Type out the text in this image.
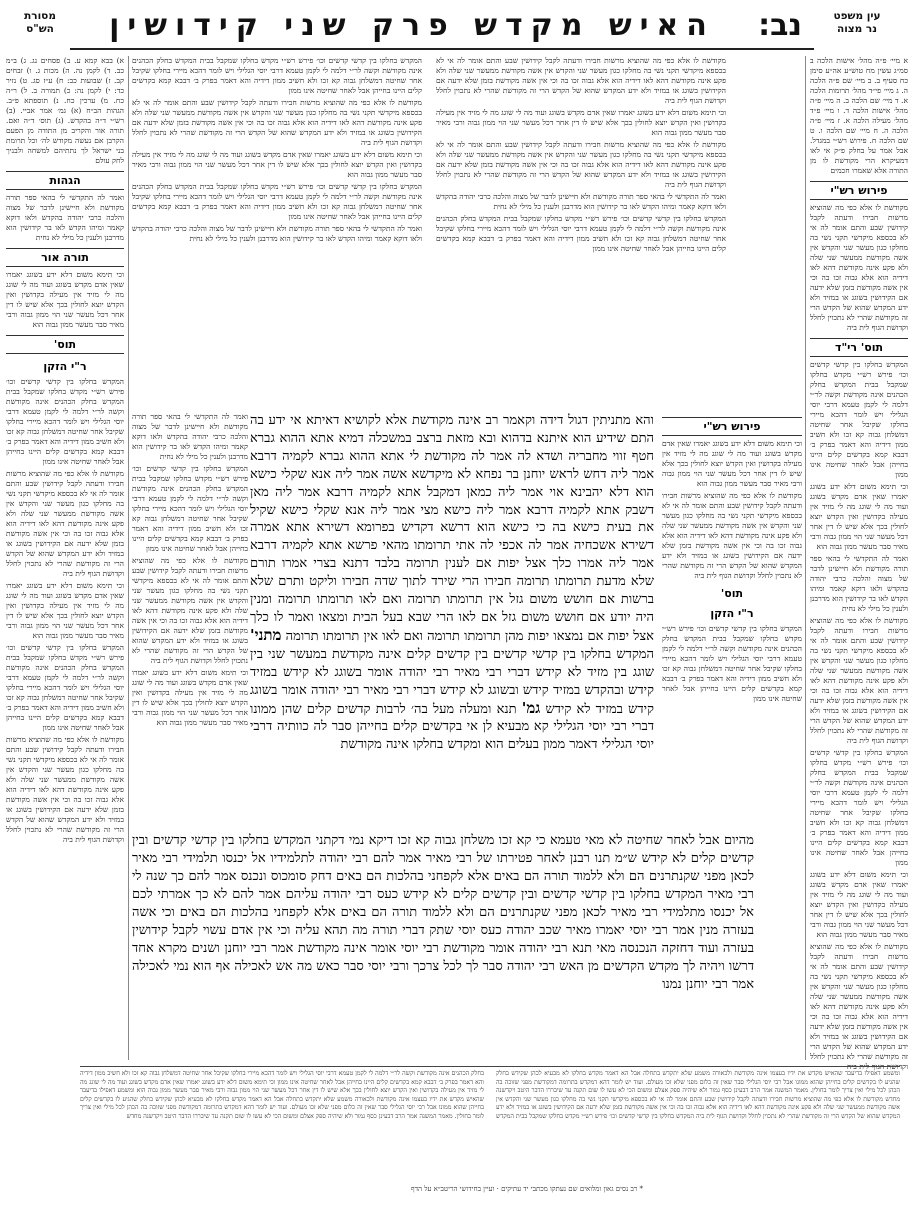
עין משפט
נר מצוה
מסורת
הש"ס	נב:
האיש מקדש פרק שני קידושין

מקודשת לו אלא כפי מה שהוציא מרשות חבירו ודעתה לקבל קידושין שבע והתם אומר לה אי לא בכספא מיקדשי תקני נשי בה מחלקו כגון מעשר שני והקדש אין אשה מקודשת ממעשר שני שלה ולא פקע אינה מקודשת דהא לאו דידיה הוא אלא גבוה זכו בה וכי אין אשה מקודשת בזמן שלא ידעה אם הקידושין בשוגג או במזיד ולא ידע המקדש שהוא של הקדש הרי זה מקודשת שהרי לא נתכוין לחלל וקדושת הגוף לית ביה

וכי תימא משום דלא ידע בשוגג יאמרו שאין אדם מקדש בשוגג ועוד מה לי שוגג מה לי מזיד אין מעילה בקדושין ואין הקדש יוצא לחולין בכך אלא שיש לו דין אחר דכל מעשר שני הוי ממון גבוה ורבי מאיר סבר מעשר ממון גבוה הוא

מקודשת לו אלא כפי מה שהוציא מרשות חבירו ודעתה לקבל קידושין שבע והתם אומר לה אי לא בכספא מיקדשי תקני נשי בה מחלקו כגון מעשר שני והקדש אין אשה מקודשת ממעשר שני שלה ולא פקע אינה מקודשת דהא לאו דידיה הוא אלא גבוה זכו בה וכי אין אשה מקודשת בזמן שלא ידעה אם הקידושין בשוגג או במזיד ולא ידע המקדש שהוא של הקדש הרי זה מקודשת שהרי לא נתכוין לחלל וקדושת הגוף לית ביה

ואמר לה התקדשי לי בהאי ספר תורה מקודשת ולא חיישינן לדבר של מצוה והלכה כרבי יהודה בהקדש ולאו דוקא קאמר ומיהו הקדש לאו בר קידושין הוא מדרבנן ולענין כל מילי לא נחית

המקדש בחלקו בין קדשי קדשים וכו׳ פירש רש״י מקדש בחלקו שמקבל בבית המקדש בחלק הכהנים אינה מקודשת וקשה לר״י דלמה לי לקמן טעמא דרבי יוסי הגלילי ויש לומר דהכא מיירי בחלקו שקיבל אחר שחיטה דמשלחן גבוה קא זכו ולא חשיב ממון דידיה והא דאמר בפרק ב׳ דבבא קמא בקדשים קלים היינו בחייהן אבל לאחר שחיטה אינו ממון

המקדש בחלקו בין קדשי קדשים וכו׳ פירש רש״י מקדש בחלקו שמקבל בבית המקדש בחלק הכהנים אינה מקודשת וקשה לר״י דלמה לי לקמן טעמא דרבי יוסי הגלילי ויש לומר דהכא מיירי בחלקו שקיבל אחר שחיטה דמשלחן גבוה קא זכו ולא חשיב ממון דידיה והא דאמר בפרק ב׳ דבבא קמא בקדשים קלים היינו בחייהן אבל לאחר שחיטה אינו ממון

מקודשת לו אלא כפי מה שהוציא מרשות חבירו ודעתה לקבל קידושין שבע והתם אומר לה אי לא בכספא מיקדשי תקני נשי בה מחלקו כגון מעשר שני והקדש אין אשה מקודשת ממעשר שני שלה ולא פקע אינה מקודשת דהא לאו דידיה הוא אלא גבוה זכו בה וכי אין אשה מקודשת בזמן שלא ידעה אם הקידושין בשוגג או במזיד ולא ידע המקדש שהוא של הקדש הרי זה מקודשת שהרי לא נתכוין לחלל וקדושת הגוף לית ביה

וכי תימא משום דלא ידע בשוגג יאמרו שאין אדם מקדש בשוגג ועוד מה לי שוגג מה לי מזיד אין מעילה בקדושין ואין הקדש יוצא לחולין בכך אלא שיש לו דין אחר דכל מעשר שני הוי ממון גבוה ורבי מאיר סבר מעשר ממון גבוה הוא

המקדש בחלקו בין קדשי קדשים וכו׳ פירש רש״י מקדש בחלקו שמקבל בבית המקדש בחלק הכהנים אינה מקודשת וקשה לר״י דלמה לי לקמן טעמא דרבי יוסי הגלילי ויש לומר דהכא מיירי בחלקו שקיבל אחר שחיטה דמשלחן גבוה קא זכו ולא חשיב ממון דידיה והא דאמר בפרק ב׳ דבבא קמא בקדשים קלים היינו בחייהן אבל לאחר שחיטה אינו ממון

ואמר לה התקדשי לי בהאי ספר תורה מקודשת ולא חיישינן לדבר של מצוה והלכה כרבי יהודה בהקדש ולאו דוקא קאמר ומיהו הקדש לאו בר קידושין הוא מדרבנן ולענין כל מילי לא נחית

פירוש רש"י

וכי תימא משום דלא ידע בשוגג יאמרו שאין אדם מקדש בשוגג ועוד מה לי שוגג מה לי מזיד אין מעילה בקדושין ואין הקדש יוצא לחולין בכך אלא שיש לו דין אחר דכל מעשר שני הוי ממון גבוה ורבי מאיר סבר מעשר ממון גבוה הוא

מקודשת לו אלא כפי מה שהוציא מרשות חבירו ודעתה לקבל קידושין שבע והתם אומר לה אי לא בכספא מיקדשי תקני נשי בה מחלקו כגון מעשר שני והקדש אין אשה מקודשת ממעשר שני שלה ולא פקע אינה מקודשת דהא לאו דידיה הוא אלא גבוה זכו בה וכי אין אשה מקודשת בזמן שלא ידעה אם הקידושין בשוגג או במזיד ולא ידע המקדש שהוא של הקדש הרי זה מקודשת שהרי לא נתכוין לחלל וקדושת הגוף לית ביה

תוס'
ר"י הזקן

המקדש בחלקו בין קדשי קדשים וכו׳ פירש רש״י מקדש בחלקו שמקבל בבית המקדש בחלק הכהנים אינה מקודשת וקשה לר״י דלמה לי לקמן טעמא דרבי יוסי הגלילי ויש לומר דהכא מיירי בחלקו שקיבל אחר שחיטה דמשלחן גבוה קא זכו ולא חשיב ממון דידיה והא דאמר בפרק ב׳ דבבא קמא בקדשים קלים היינו בחייהן אבל לאחר שחיטה אינו ממון

ואמר לה התקדשי לי בהאי ספר תורה מקודשת ולא חיישינן לדבר של מצוה והלכה כרבי יהודה בהקדש ולאו דוקא קאמר ומיהו הקדש לאו בר קידושין הוא מדרבנן ולענין כל מילי לא נחית

המקדש בחלקו בין קדשי קדשים וכו׳ פירש רש״י מקדש בחלקו שמקבל בבית המקדש בחלק הכהנים אינה מקודשת וקשה לר״י דלמה לי לקמן טעמא דרבי יוסי הגלילי ויש לומר דהכא מיירי בחלקו שקיבל אחר שחיטה דמשלחן גבוה קא זכו ולא חשיב ממון דידיה והא דאמר בפרק ב׳ דבבא קמא בקדשים קלים היינו בחייהן אבל לאחר שחיטה אינו ממון

מקודשת לו אלא כפי מה שהוציא מרשות חבירו ודעתה לקבל קידושין שבע והתם אומר לה אי לא בכספא מיקדשי תקני נשי בה מחלקו כגון מעשר שני והקדש אין אשה מקודשת ממעשר שני שלה ולא פקע אינה מקודשת דהא לאו דידיה הוא אלא גבוה זכו בה וכי אין אשה מקודשת בזמן שלא ידעה אם הקידושין בשוגג או במזיד ולא ידע המקדש שהוא של הקדש הרי זה מקודשת שהרי לא נתכוין לחלל וקדושת הגוף לית ביה

וכי תימא משום דלא ידע בשוגג יאמרו שאין אדם מקדש בשוגג ועוד מה לי שוגג מה לי מזיד אין מעילה בקדושין ואין הקדש יוצא לחולין בכך אלא שיש לו דין אחר דכל מעשר שני הוי ממון גבוה ורבי מאיר סבר מעשר ממון גבוה הוא

והא מתניתין דגול דידה וקאמר רב אינה מקודשת אלא לקושיא דאיתא אי ידע בה התם שידיע הוא איתנא בדהוא ובא מזאת ברצב במשכלה דמיא אתא ההוא גברא חטף זווי מחבריה ושדא לה אמר לה מקודשת לי אתא ההוא גברא לקמיה דרבא אמר ליה דחש לראש יוחנן בר נפחא לא מיקדשא אשה אמר ליה אנא שקלי כישא הוא דלא יהבינא אוי אמר ליה כמאן דמקבל אתא לקמיה דרבא אמר ליה מאן דשבק אתא לקמיה דרבא אמר ליה כישא מצי אמר ליה אנא שקלי כישא שקיל את בעית כישא בה כי כישא הוא דרשא דקדיש בפרומא דשירא אתא אמרה דשירא אשכחיה אמר לה אכפי לה אתי תרומתו מהאי פרשא אתא לקמיה דרבא אמר ליה אמרו כלך אצל יפות אם לענין תרומה בלבד דתנא בצרי אמרו תורם שלא מדעת תרומתו תרומה חבירו הרי שירד לתוך שדה חבירו וליקט ותרם שלא ברשות אם חושש משום גזל אין תרומתו תרומה ואם לאו תרומתו תרומה ומנין היה יודע אם חושש משום גזל אם לאו הרי שבא בעל הבית ומצאו ואמר לו כלך אצל יפות אם נמצאו יפות מהן תרומתו תרומה ואם לאו אין תרומתו תרומה מתני' המקדש בחלקו בין קדשי קדשים בין קדשים קלים אינה מקודשת במעשר שני בין שוגג בין מזיד לא קידש דברי רבי מאיר רבי יהודה אומר בשוגג לא קידש במזיד קידש ובהקדש במזיד קידש ובשוגג לא קידש דברי רבי מאיר רבי יהודה אומר בשוגג קידש במזיד לא קידש גמ' תנא ומעלה מעל בה׳ לרבות קדשים קלים שהן ממונו דברי רבי יוסי הגלילי קא מבעיא לן אי בקדשים קלים בחייהן סבר לה כוותיה דרבי יוסי הגלילי דאמר ממון בעלים הוא ומקדש בחלקו אינה מקודשת
מהיום אבל לאחר שחיטה לא מאי טעמא כי קא זכו משלחן גבוה קא זכו דיקא נמי דקתני המקדש בחלקו בין קדשי קדשים ובין קדשים קלים לא קידש ש״מ תנו רבנן לאחר פטירתו של רבי מאיר אמר להם רבי יהודה לתלמידיו אל יכנסו תלמידי רבי מאיר לכאן מפני שקנתרנים הם ולא ללמוד תורה הם באים אלא לקפחני בהלכות הם באים דחק סומכוס ונכנס אמר להם כך שנה לי רבי מאיר המקדש בחלקו בין קדשי קדשים ובין קדשים קלים לא קידש כעס רבי יהודה עליהם אמר להם לא כך אמרתי לכם אל יכנסו מתלמידי רבי מאיר לכאן מפני שקנתרנים הם ולא ללמוד תורה הם באים אלא לקפחני בהלכות הם באים וכי אשה בעזרה מנין אמר רבי יוסי יאמרו מאיר שכב יהודה כעס יוסי שתק דברי תורה מה תהא עליה וכי אין אדם עשוי לקבל קידושין בעזרה ועוד דחזקה הנכנסה מאי תנא רבי יהודה אומר מקודשת רבי יוסי אומר אינה מקודשת אמר רבי יוחנן ושנים מקרא אחד דרשו ויהיה לך מקדש הקדשים מן האש רבי יהודה סבר לך לכל צרכך ורבי יוסי סבר כאש מה אש לאכילה אף הוא נמי לאכילה אמר רבי יוחנן נמנו

א מיי׳ פ״ה מהל׳ אישות הלכה ב סמ״ג עשין מח טוש״ע אה״ע סימן כח סעיף ב. ב מיי׳ שם פ״ה הלכה ה. ג מיי׳ פי״ד מהל׳ תרומות הלכה א. ד מיי׳ שם הלכה ב. ה מיי׳ פ״ה מהל׳ אישות הלכה ד. ו מיי׳ פ״ד מהל׳ מעילה הלכה א. ז מיי׳ פ״ה הלכה ה. ח מיי׳ שם הלכה ו. ט שם הלכה ח. פירוש רש״י במגדל. אבל אמר על בחלק פ״ק אי לאו דמעיקרא הרי מקודשת לו מן התורה אלא שאמרו חכמים

פירוש רש"י

מקודשת לו אלא כפי מה שהוציא מרשות חבירו ודעתה לקבל קידושין שבע והתם אומר לה אי לא בכספא מיקדשי תקני נשי בה מחלקו כגון מעשר שני והקדש אין אשה מקודשת ממעשר שני שלה ולא פקע אינה מקודשת דהא לאו דידיה הוא אלא גבוה זכו בה וכי אין אשה מקודשת בזמן שלא ידעה אם הקידושין בשוגג או במזיד ולא ידע המקדש שהוא של הקדש הרי זה מקודשת שהרי לא נתכוין לחלל וקדושת הגוף לית ביה

תוס' רי"ד

המקדש בחלקו בין קדשי קדשים וכו׳ פירש רש״י מקדש בחלקו שמקבל בבית המקדש בחלק הכהנים אינה מקודשת וקשה לר״י דלמה לי לקמן טעמא דרבי יוסי הגלילי ויש לומר דהכא מיירי בחלקו שקיבל אחר שחיטה דמשלחן גבוה קא זכו ולא חשיב ממון דידיה והא דאמר בפרק ב׳ דבבא קמא בקדשים קלים היינו בחייהן אבל לאחר שחיטה אינו ממון

וכי תימא משום דלא ידע בשוגג יאמרו שאין אדם מקדש בשוגג ועוד מה לי שוגג מה לי מזיד אין מעילה בקדושין ואין הקדש יוצא לחולין בכך אלא שיש לו דין אחר דכל מעשר שני הוי ממון גבוה ורבי מאיר סבר מעשר ממון גבוה הוא

ואמר לה התקדשי לי בהאי ספר תורה מקודשת ולא חיישינן לדבר של מצוה והלכה כרבי יהודה בהקדש ולאו דוקא קאמר ומיהו הקדש לאו בר קידושין הוא מדרבנן ולענין כל מילי לא נחית

מקודשת לו אלא כפי מה שהוציא מרשות חבירו ודעתה לקבל קידושין שבע והתם אומר לה אי לא בכספא מיקדשי תקני נשי בה מחלקו כגון מעשר שני והקדש אין אשה מקודשת ממעשר שני שלה ולא פקע אינה מקודשת דהא לאו דידיה הוא אלא גבוה זכו בה וכי אין אשה מקודשת בזמן שלא ידעה אם הקידושין בשוגג או במזיד ולא ידע המקדש שהוא של הקדש הרי זה מקודשת שהרי לא נתכוין לחלל וקדושת הגוף לית ביה

המקדש בחלקו בין קדשי קדשים וכו׳ פירש רש״י מקדש בחלקו שמקבל בבית המקדש בחלק הכהנים אינה מקודשת וקשה לר״י דלמה לי לקמן טעמא דרבי יוסי הגלילי ויש לומר דהכא מיירי בחלקו שקיבל אחר שחיטה דמשלחן גבוה קא זכו ולא חשיב ממון דידיה והא דאמר בפרק ב׳ דבבא קמא בקדשים קלים היינו בחייהן אבל לאחר שחיטה אינו ממון

וכי תימא משום דלא ידע בשוגג יאמרו שאין אדם מקדש בשוגג ועוד מה לי שוגג מה לי מזיד אין מעילה בקדושין ואין הקדש יוצא לחולין בכך אלא שיש לו דין אחר דכל מעשר שני הוי ממון גבוה ורבי מאיר סבר מעשר ממון גבוה הוא

מקודשת לו אלא כפי מה שהוציא מרשות חבירו ודעתה לקבל קידושין שבע והתם אומר לה אי לא בכספא מיקדשי תקני נשי בה מחלקו כגון מעשר שני והקדש אין אשה מקודשת ממעשר שני שלה ולא פקע אינה מקודשת דהא לאו דידיה הוא אלא גבוה זכו בה וכי אין אשה מקודשת בזמן שלא ידעה אם הקידושין בשוגג או במזיד ולא ידע המקדש שהוא של הקדש הרי זה מקודשת שהרי לא נתכוין לחלל וקדושת הגוף לית ביה

א) בבא קמא ע. ב) פסחים נג. ג) ב״מ כב. ד) לקמן נה. ה) מכות ג. ו) זבחים קב. ז) שבועות כב: ח) ע״ז סג. ט) נזיר כד: י) לקמן נה: כ) תמורה ב. ל) ר״ה כח. מ) ערכין כח. נ) תוספתא פ״ב. הגהות הב״ח (א) גמ׳ אמר אביי. (ב) רש״י ד״ה בהקדש. (ג) תוס׳ ד״ה ואם. תורה אור והקריב מן התודה מן הפעם הקרבן אם נעשה מקודש לה׳ וכל תרומת בני ישראל לך נתתיהם למשחה ולבניך לחק עולם

הגהות

ואמר לה התקדשי לי בהאי ספר תורה מקודשת ולא חיישינן לדבר של מצוה והלכה כרבי יהודה בהקדש ולאו דוקא קאמר ומיהו הקדש לאו בר קידושין הוא מדרבנן ולענין כל מילי לא נחית

תורה אור

וכי תימא משום דלא ידע בשוגג יאמרו שאין אדם מקדש בשוגג ועוד מה לי שוגג מה לי מזיד אין מעילה בקדושין ואין הקדש יוצא לחולין בכך אלא שיש לו דין אחר דכל מעשר שני הוי ממון גבוה ורבי מאיר סבר מעשר ממון גבוה הוא

תוס'
ר"י הזקן

המקדש בחלקו בין קדשי קדשים וכו׳ פירש רש״י מקדש בחלקו שמקבל בבית המקדש בחלק הכהנים אינה מקודשת וקשה לר״י דלמה לי לקמן טעמא דרבי יוסי הגלילי ויש לומר דהכא מיירי בחלקו שקיבל אחר שחיטה דמשלחן גבוה קא זכו ולא חשיב ממון דידיה והא דאמר בפרק ב׳ דבבא קמא בקדשים קלים היינו בחייהן אבל לאחר שחיטה אינו ממון

מקודשת לו אלא כפי מה שהוציא מרשות חבירו ודעתה לקבל קידושין שבע והתם אומר לה אי לא בכספא מיקדשי תקני נשי בה מחלקו כגון מעשר שני והקדש אין אשה מקודשת ממעשר שני שלה ולא פקע אינה מקודשת דהא לאו דידיה הוא אלא גבוה זכו בה וכי אין אשה מקודשת בזמן שלא ידעה אם הקידושין בשוגג או במזיד ולא ידע המקדש שהוא של הקדש הרי זה מקודשת שהרי לא נתכוין לחלל וקדושת הגוף לית ביה

וכי תימא משום דלא ידע בשוגג יאמרו שאין אדם מקדש בשוגג ועוד מה לי שוגג מה לי מזיד אין מעילה בקדושין ואין הקדש יוצא לחולין בכך אלא שיש לו דין אחר דכל מעשר שני הוי ממון גבוה ורבי מאיר סבר מעשר ממון גבוה הוא

המקדש בחלקו בין קדשי קדשים וכו׳ פירש רש״י מקדש בחלקו שמקבל בבית המקדש בחלק הכהנים אינה מקודשת וקשה לר״י דלמה לי לקמן טעמא דרבי יוסי הגלילי ויש לומר דהכא מיירי בחלקו שקיבל אחר שחיטה דמשלחן גבוה קא זכו ולא חשיב ממון דידיה והא דאמר בפרק ב׳ דבבא קמא בקדשים קלים היינו בחייהן אבל לאחר שחיטה אינו ממון

מקודשת לו אלא כפי מה שהוציא מרשות חבירו ודעתה לקבל קידושין שבע והתם אומר לה אי לא בכספא מיקדשי תקני נשי בה מחלקו כגון מעשר שני והקדש אין אשה מקודשת ממעשר שני שלה ולא פקע אינה מקודשת דהא לאו דידיה הוא אלא גבוה זכו בה וכי אין אשה מקודשת בזמן שלא ידעה אם הקידושין בשוגג או במזיד ולא ידע המקדש שהוא של הקדש הרי זה מקודשת שהרי לא נתכוין לחלל וקדושת הגוף לית ביה

ומשמע דאפילו בדיעבד שהאיש מקדש את ידיו בעצמו אינה מקודשת ולכאורה משמע שלא יתקדש בתחלה אבל הא דאמר מקדש בחלקו לא מבעיא לכהן שקידש בחלק שהגיע לו בקדשים קלים בחייהן שהוא ממונו אבל רבי יוסי הגלילי סבר שאין זה כלום מפני שלא זכו מעולם. ועוד יש לומר דהא דמקדש בתרומה דמקודשת מפני שזוכה בה הכהן לכל מילי ואין צריך לומר בחולין. מאמר המשנה אמר הרב דבעינן כסף גמור ולא שיהיה ספק אצלם ומשום הכי לא עשו לו שום תקנה עד שיבררו הדבר היטב ויקדשנה מחדש מקודשת לו אלא כפי מה שהוציא מרשות חבירו ודעתה לקבל קידושין שבע והתם אומר לה אי לא בכספא מיקדשי תקני נשי בה מחלקו כגון מעשר שני והקדש אין אשה מקודשת ממעשר שני שלה ולא פקע אינה מקודשת דהא לאו דידיה הוא אלא גבוה זכו בה וכי אין אשה מקודשת בזמן שלא ידעה אם הקידושין בשוגג או במזיד ולא ידע המקדש שהוא של הקדש הרי זה מקודשת שהרי לא נתכוין לחלל וקדושת הגוף לית ביה המקדש בחלקו בין קדשי קדשים וכו׳ פירש רש״י מקדש בחלקו שמקבל בבית המקדש בחלק הכהנים אינה מקודשת וקשה לר״י דלמה לי לקמן טעמא דרבי יוסי הגלילי ויש לומר דהכא מיירי בחלקו שקיבל אחר שחיטה דמשלחן גבוה קא זכו ולא חשיב ממון דידיה והא דאמר בפרק ב׳ דבבא קמא בקדשים קלים היינו בחייהן אבל לאחר שחיטה אינו ממון וכי תימא משום דלא ידע בשוגג יאמרו שאין אדם מקדש בשוגג ועוד מה לי שוגג מה לי מזיד אין מעילה בקדושין ואין הקדש יוצא לחולין בכך אלא שיש לו דין אחר דכל מעשר שני הוי ממון גבוה ורבי מאיר סבר מעשר ממון גבוה הוא ומשמע דאפילו בדיעבד שהאיש מקדש את ידיו בעצמו אינה מקודשת ולכאורה משמע שלא יתקדש בתחלה אבל הא דאמר מקדש בחלקו לא מבעיא לכהן שקידש בחלק שהגיע לו בקדשים קלים בחייהן שהוא ממונו אבל רבי יוסי הגלילי סבר שאין זה כלום מפני שלא זכו מעולם. ועוד יש לומר דהא דמקדש בתרומה דמקודשת מפני שזוכה בה הכהן לכל מילי ואין צריך לומר בחולין. מאמר המשנה אמר הרב דבעינן כסף גמור ולא שיהיה ספק אצלם ומשום הכי לא עשו לו שום תקנה עד שיבררו הדבר היטב ויקדשנה מחדש
* רב נסים גאון ומלואים שם נעתקו מכתבי יד עתיקים · ועיין בחידושי הריטב״א על הדף
